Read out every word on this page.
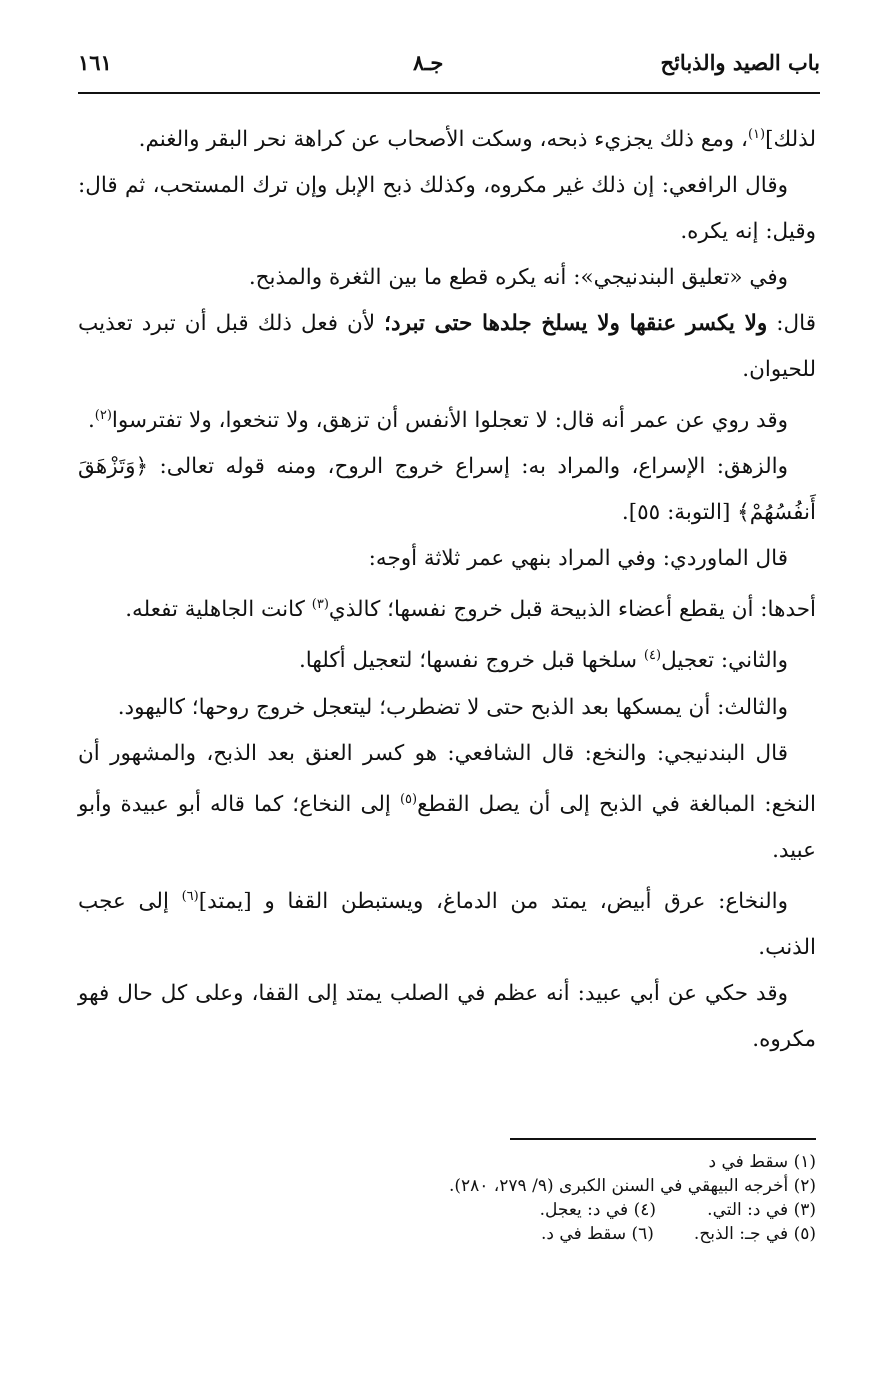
باب الصيد والذبائح
جـ٨
١٦١

لذلك]$^{(١)}$، ومع ذلك يجزيء ذبحه، وسكت الأصحاب عن كراهة نحر البقر والغنم.

وقال الرافعي: إن ذلك غير مكروه، وكذلك ذبح الإبل وإن ترك المستحب، ثم قال: وقيل: إنه يكره.

وفي «تعليق البندنيجي»: أنه يكره قطع ما بين الثغرة والمذبح.

قال: ولا يكسر عنقها ولا يسلخ جلدها حتى تبرد؛ لأن فعل ذلك قبل أن تبرد تعذيب للحيوان.

وقد روي عن عمر أنه قال: لا تعجلوا الأنفس أن تزهق، ولا تنخعوا، ولا تفترسوا$^{(٢)}$.

والزهق: الإسراع، والمراد به: إسراع خروج الروح، ومنه قوله تعالى: ﴿وَتَزْهَقَ أَنفُسُهُمْ﴾ [التوبة: ٥٥].

قال الماوردي: وفي المراد بنهي عمر ثلاثة أوجه:

أحدها: أن يقطع أعضاء الذبيحة قبل خروج نفسها؛ كالذي$^{(٣)}$ كانت الجاهلية تفعله.

والثاني: تعجيل$^{(٤)}$ سلخها قبل خروج نفسها؛ لتعجيل أكلها.

والثالث: أن يمسكها بعد الذبح حتى لا تضطرب؛ ليتعجل خروج روحها؛ كاليهود.

قال البندنيجي: والنخع: قال الشافعي: هو كسر العنق بعد الذبح، والمشهور أن النخع: المبالغة في الذبح إلى أن يصل القطع$^{(٥)}$ إلى النخاع؛ كما قاله أبو عبيدة وأبو عبيد.

والنخاع: عرق أبيض، يمتد من الدماغ، ويستبطن القفا و [يمتد]$^{(٦)}$ إلى عجب الذنب.

وقد حكي عن أبي عبيد: أنه عظم في الصلب يمتد إلى القفا، وعلى كل حال فهو مكروه.

(١) سقط في د
(٢) أخرجه البيهقي في السنن الكبرى (٩/ ٢٧٩، ٢٨٠).
(٣) في د: التي.
(٤) في د: يعجل.
(٥) في جـ: الذبح.
(٦) سقط في د.
